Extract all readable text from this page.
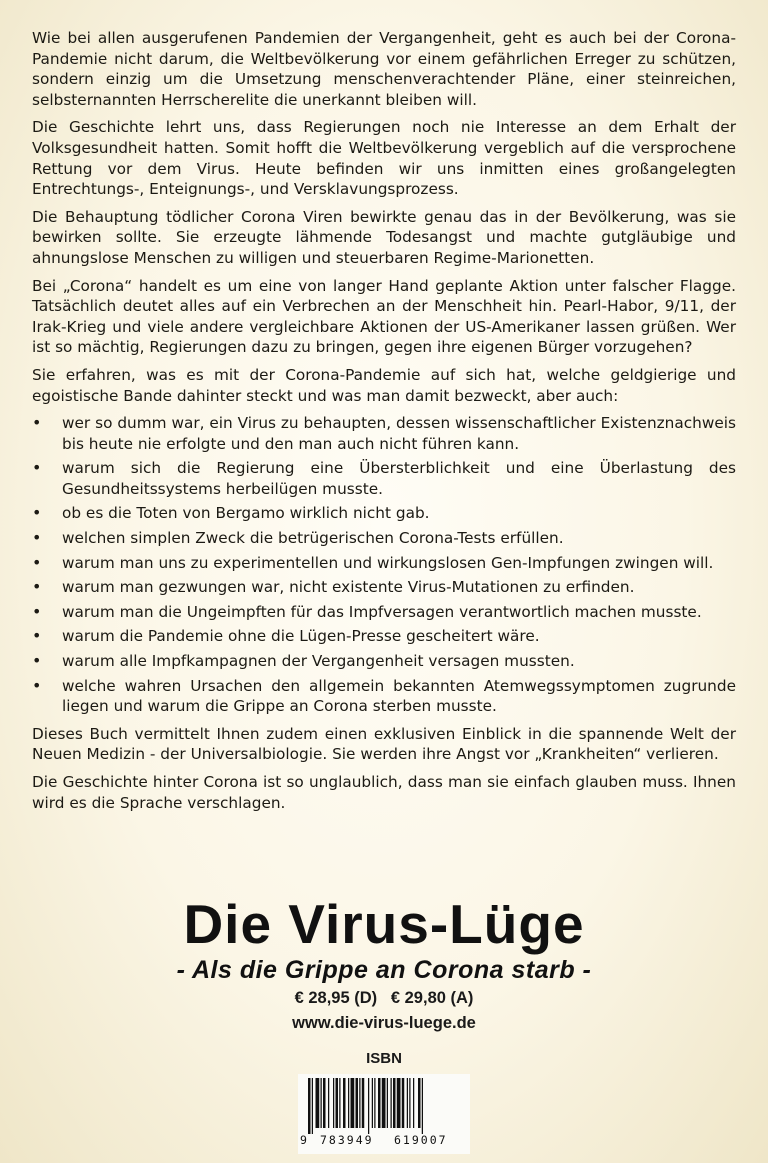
Wie bei allen ausgerufenen Pandemien der Vergangenheit, geht es auch bei der Corona-Pandemie nicht darum, die Weltbevölkerung vor einem gefährlichen Erreger zu schützen, sondern einzig um die Umsetzung menschenverachtender Pläne, einer steinreichen, selbsternannten Herrscherelite die unerkannt bleiben will.

Die Geschichte lehrt uns, dass Regierungen noch nie Interesse an dem Erhalt der Volksgesundheit hatten. Somit hofft die Weltbevölkerung vergeblich auf die versprochene Rettung vor dem Virus. Heute befinden wir uns inmitten eines großangelegten Entrechtungs-, Enteignungs-, und Versklavungsprozess.

Die Behauptung tödlicher Corona Viren bewirkte genau das in der Bevölkerung, was sie bewirken sollte. Sie erzeugte lähmende Todesangst und machte gutgläubige und ahnungslose Menschen zu willigen und steuerbaren Regime-Marionetten.

Bei „Corona“ handelt es um eine von langer Hand geplante Aktion unter falscher Flagge. Tatsächlich deutet alles auf ein Verbrechen an der Menschheit hin. Pearl-Habor, 9/11, der Irak-Krieg und viele andere vergleichbare Aktionen der US-Amerikaner lassen grüßen. Wer ist so mächtig, Regierungen dazu zu bringen, gegen ihre eigenen Bürger vorzugehen?

Sie erfahren, was es mit der Corona-Pandemie auf sich hat, welche geldgierige und egoistische Bande dahinter steckt und was man damit bezweckt, aber auch:

• wer so dumm war, ein Virus zu behaupten, dessen wissenschaftlicher Existenznachweis bis heute nie erfolgte und den man auch nicht führen kann.
• warum sich die Regierung eine Übersterblichkeit und eine Überlastung des Gesundheitssystems herbeilügen musste.
• ob es die Toten von Bergamo wirklich nicht gab.
• welchen simplen Zweck die betrügerischen Corona-Tests erfüllen.
• warum man uns zu experimentellen und wirkungslosen Gen-Impfungen zwingen will.
• warum man gezwungen war, nicht existente Virus-Mutationen zu erfinden.
• warum man die Ungeimpften für das Impfversagen verantwortlich machen musste.
• warum die Pandemie ohne die Lügen-Presse gescheitert wäre.
• warum alle Impfkampagnen der Vergangenheit versagen mussten.
• welche wahren Ursachen den allgemein bekannten Atemwegssymptomen zugrunde liegen und warum die Grippe an Corona sterben musste.

Dieses Buch vermittelt Ihnen zudem einen exklusiven Einblick in die spannende Welt der Neuen Medizin - der Universalbiologie. Sie werden ihre Angst vor „Krankheiten“ verlieren.

Die Geschichte hinter Corona ist so unglaublich, dass man sie einfach glauben muss. Ihnen wird es die Sprache verschlagen.

Die Virus-Lüge
- Als die Grippe an Corona starb -
€ 28,95 (D)   € 29,80 (A)
www.die-virus-luege.de
ISBN
9 783949 619007
